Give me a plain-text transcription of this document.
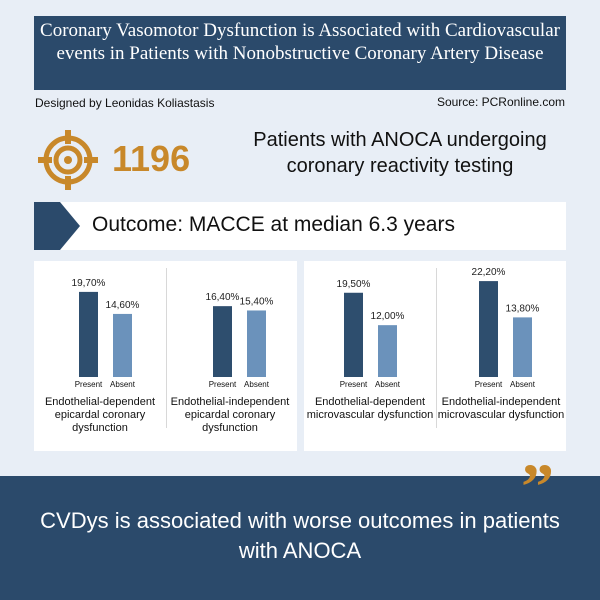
Coronary Vasomotor Dysfunction is Associated with Cardiovascular events in Patients with Nonobstructive Coronary Artery Disease
Designed by Leonidas Koliastasis	Source: PCRonline.com
1196	Patients with ANOCA undergoing coronary reactivity testing
Outcome: MACCE at median 6.3 years
19,70%
Present
14,60%
Absent
16,40%
Present
15,40%
Absent
19,50%
Present
12,00%
Absent
22,20%
Present
13,80%
Absent
Endothelial-dependent epicardal coronary dysfunction
Endothelial-independent epicardal coronary dysfunction
Endothelial-dependent microvascular dysfunction
Endothelial-independent microvascular dysfunction
”
CVDys is associated with worse outcomes in patients with ANOCA
